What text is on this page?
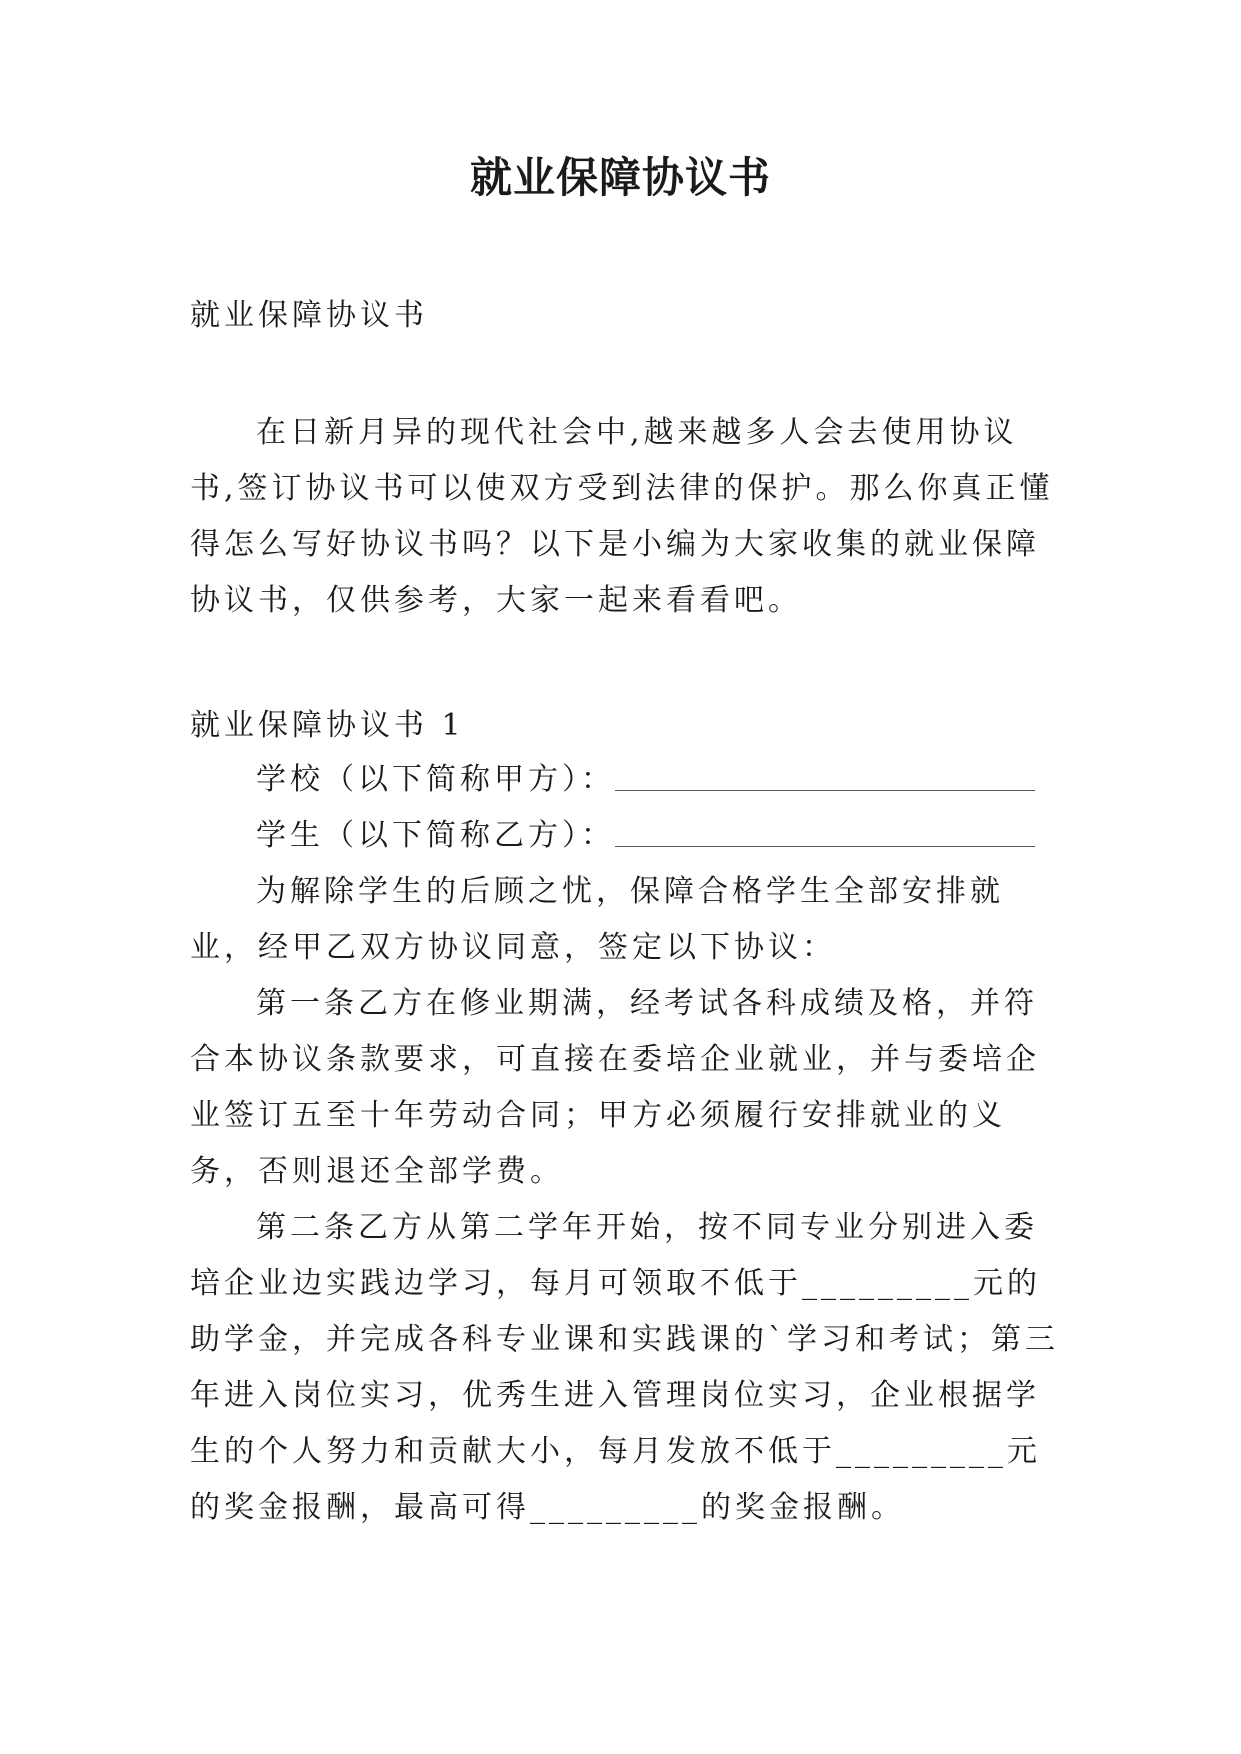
就业保障协议书

就业保障协议书

在日新月异的现代社会中,越来越多人会去使用协议书,签订协议书可以使双方受到法律的保护。那么你真正懂得怎么写好协议书吗？以下是小编为大家收集的就业保障协议书，仅供参考，大家一起来看看吧。

就业保障协议书 1

学校（以下简称甲方）：

学生（以下简称乙方）：

为解除学生的后顾之忧，保障合格学生全部安排就业，经甲乙双方协议同意，签定以下协议：

第一条乙方在修业期满，经考试各科成绩及格，并符合本协议条款要求，可直接在委培企业就业，并与委培企业签订五至十年劳动合同；甲方必须履行安排就业的义务，否则退还全部学费。

第二条乙方从第二学年开始，按不同专业分别进入委培企业边实践边学习，每月可领取不低于_________元的助学金，并完成各科专业课和实践课的`学习和考试；第三年进入岗位实习，优秀生进入管理岗位实习，企业根据学生的个人努力和贡献大小，每月发放不低于_________元的奖金报酬，最高可得_________的奖金报酬。
